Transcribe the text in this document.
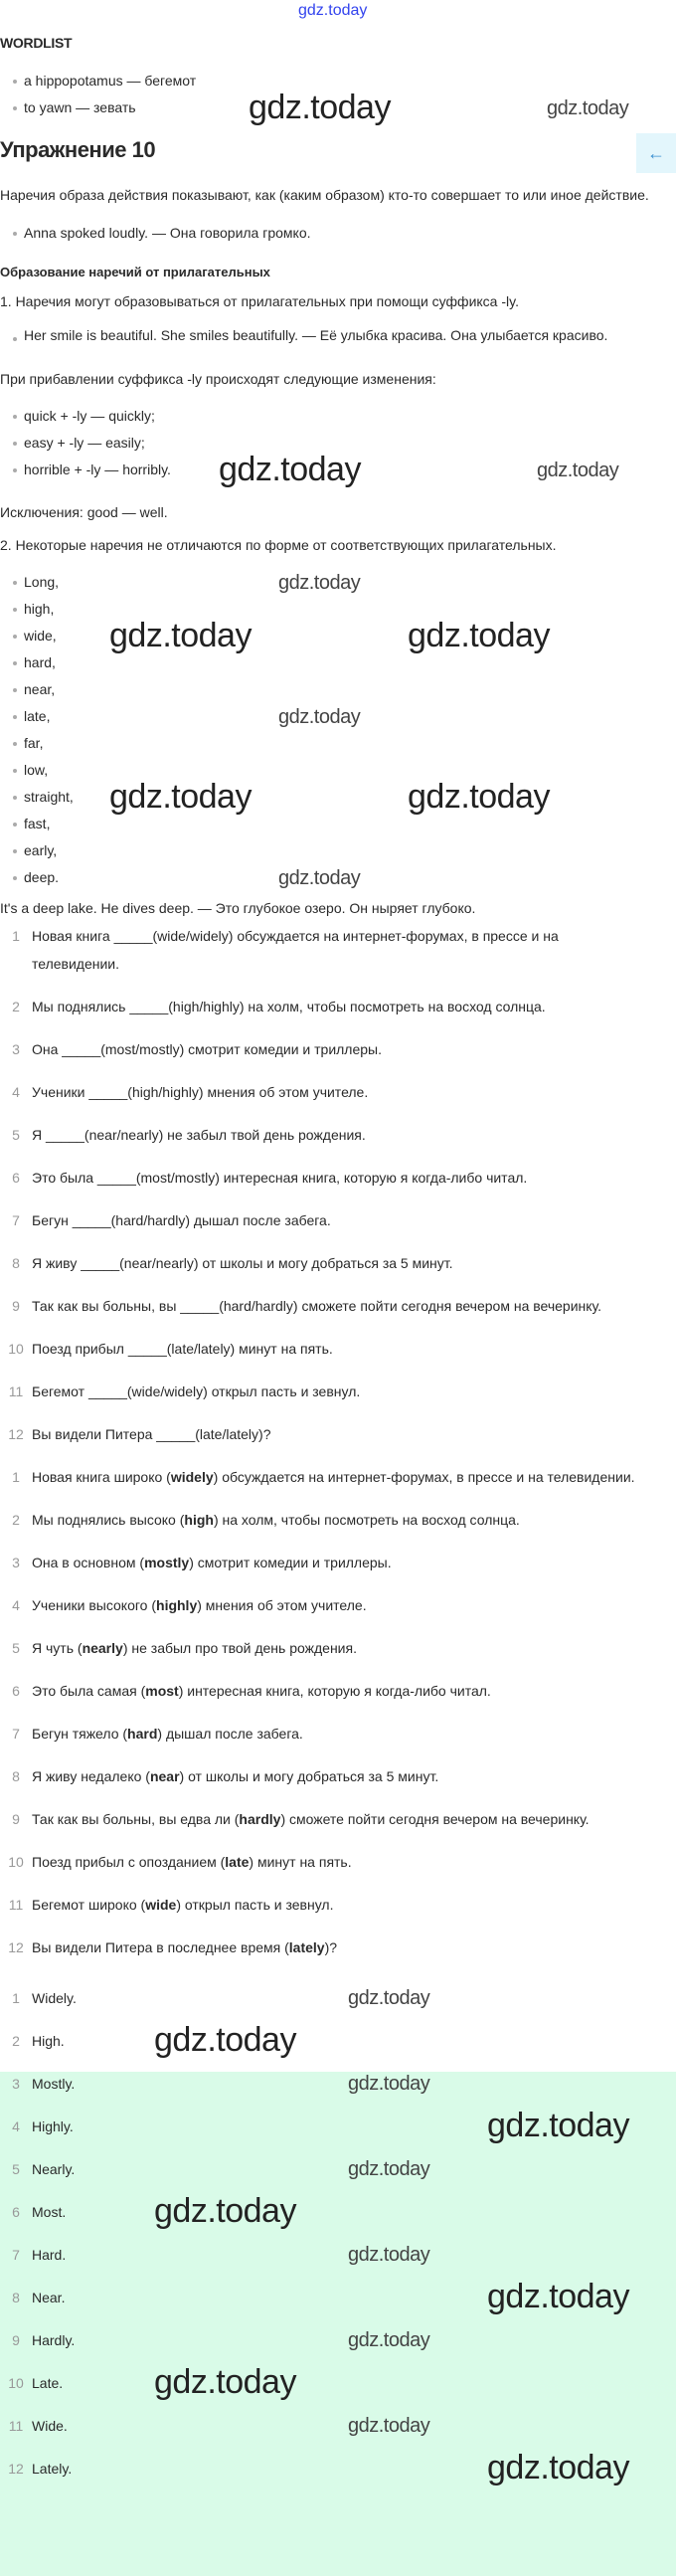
gdz.today
WORDLIST
a hippopotamus — бегемот
to yawn — зевать	gdz.today	gdz.today
Упражнение 10	←
Наречия образа действия показывают, как (каким образом) кто-то совершает то или иное действие.
Anna spoked loudly. — Она говорила громко.
Образование наречий от прилагательных
1. Наречия могут образовываться от прилагательных при помощи суффикса -ly.
Her smile is beautiful. She smiles beautifully. — Её улыбка красива. Она улыбается красиво.
При прибавлении суффикса -ly происходят следующие изменения:
quick + -ly — quickly;
easy + -ly — easily;
horrible + -ly — horribly. gdz.today	gdz.today
Исключения: good — well.
2. Некоторые наречия не отличаются по форме от соответствующих прилагательных.
Long,	gdz.today
high,
wide, gdz.today	gdz.today
hard,
near,
late,	gdz.today
far,
low,
straight, gdz.today	gdz.today
fast,
early,
deep.	gdz.today
It's a deep lake. He dives deep. — Это глубокое озеро. Он ныряет глубоко.
1 Новая книга _____(wide/widely) обсуждается на интернет-форумах, в прессе и на телевидении.
2 Мы поднялись _____(high/highly) на холм, чтобы посмотреть на восход солнца.
3 Она _____(most/mostly) смотрит комедии и триллеры.
4 Ученики _____(high/highly) мнения об этом учителе.
5 Я _____(near/nearly) не забыл твой день рождения.
6 Это была _____(most/mostly) интересная книга, которую я когда-либо читал.
7 Бегун _____(hard/hardly) дышал после забега.
8 Я живу _____(near/nearly) от школы и могу добраться за 5 минут.
9 Так как вы больны, вы _____(hard/hardly) сможете пойти сегодня вечером на вечеринку.
10 Поезд прибыл _____(late/lately) минут на пять.
11 Бегемот _____(wide/widely) открыл пасть и зевнул.
12 Вы видели Питера _____(late/lately)?
1 Новая книга широко (widely) обсуждается на интернет-форумах, в прессе и на телевидении.
2 Мы поднялись высоко (high) на холм, чтобы посмотреть на восход солнца.
3 Она в основном (mostly) смотрит комедии и триллеры.
4 Ученики высокого (highly) мнения об этом учителе.
5 Я чуть (nearly) не забыл про твой день рождения.
6 Это была самая (most) интересная книга, которую я когда-либо читал.
7 Бегун тяжело (hard) дышал после забега.
8 Я живу недалеко (near) от школы и могу добраться за 5 минут.
9 Так как вы больны, вы едва ли (hardly) сможете пойти сегодня вечером на вечеринку.
10 Поезд прибыл с опозданием (late) минут на пять.
11 Бегемот широко (wide) открыл пасть и зевнул.
12 Вы видели Питера в последнее время (lately)?
1 Widely.	gdz.today
2 High.	gdz.today
3 Mostly.	gdz.today
4 Highly.	gdz.today
5 Nearly.	gdz.today
6 Most.	gdz.today
7 Hard.	gdz.today
8 Near.	gdz.today
9 Hardly.	gdz.today
10 Late.	gdz.today
11 Wide.	gdz.today
12 Lately.	gdz.today
